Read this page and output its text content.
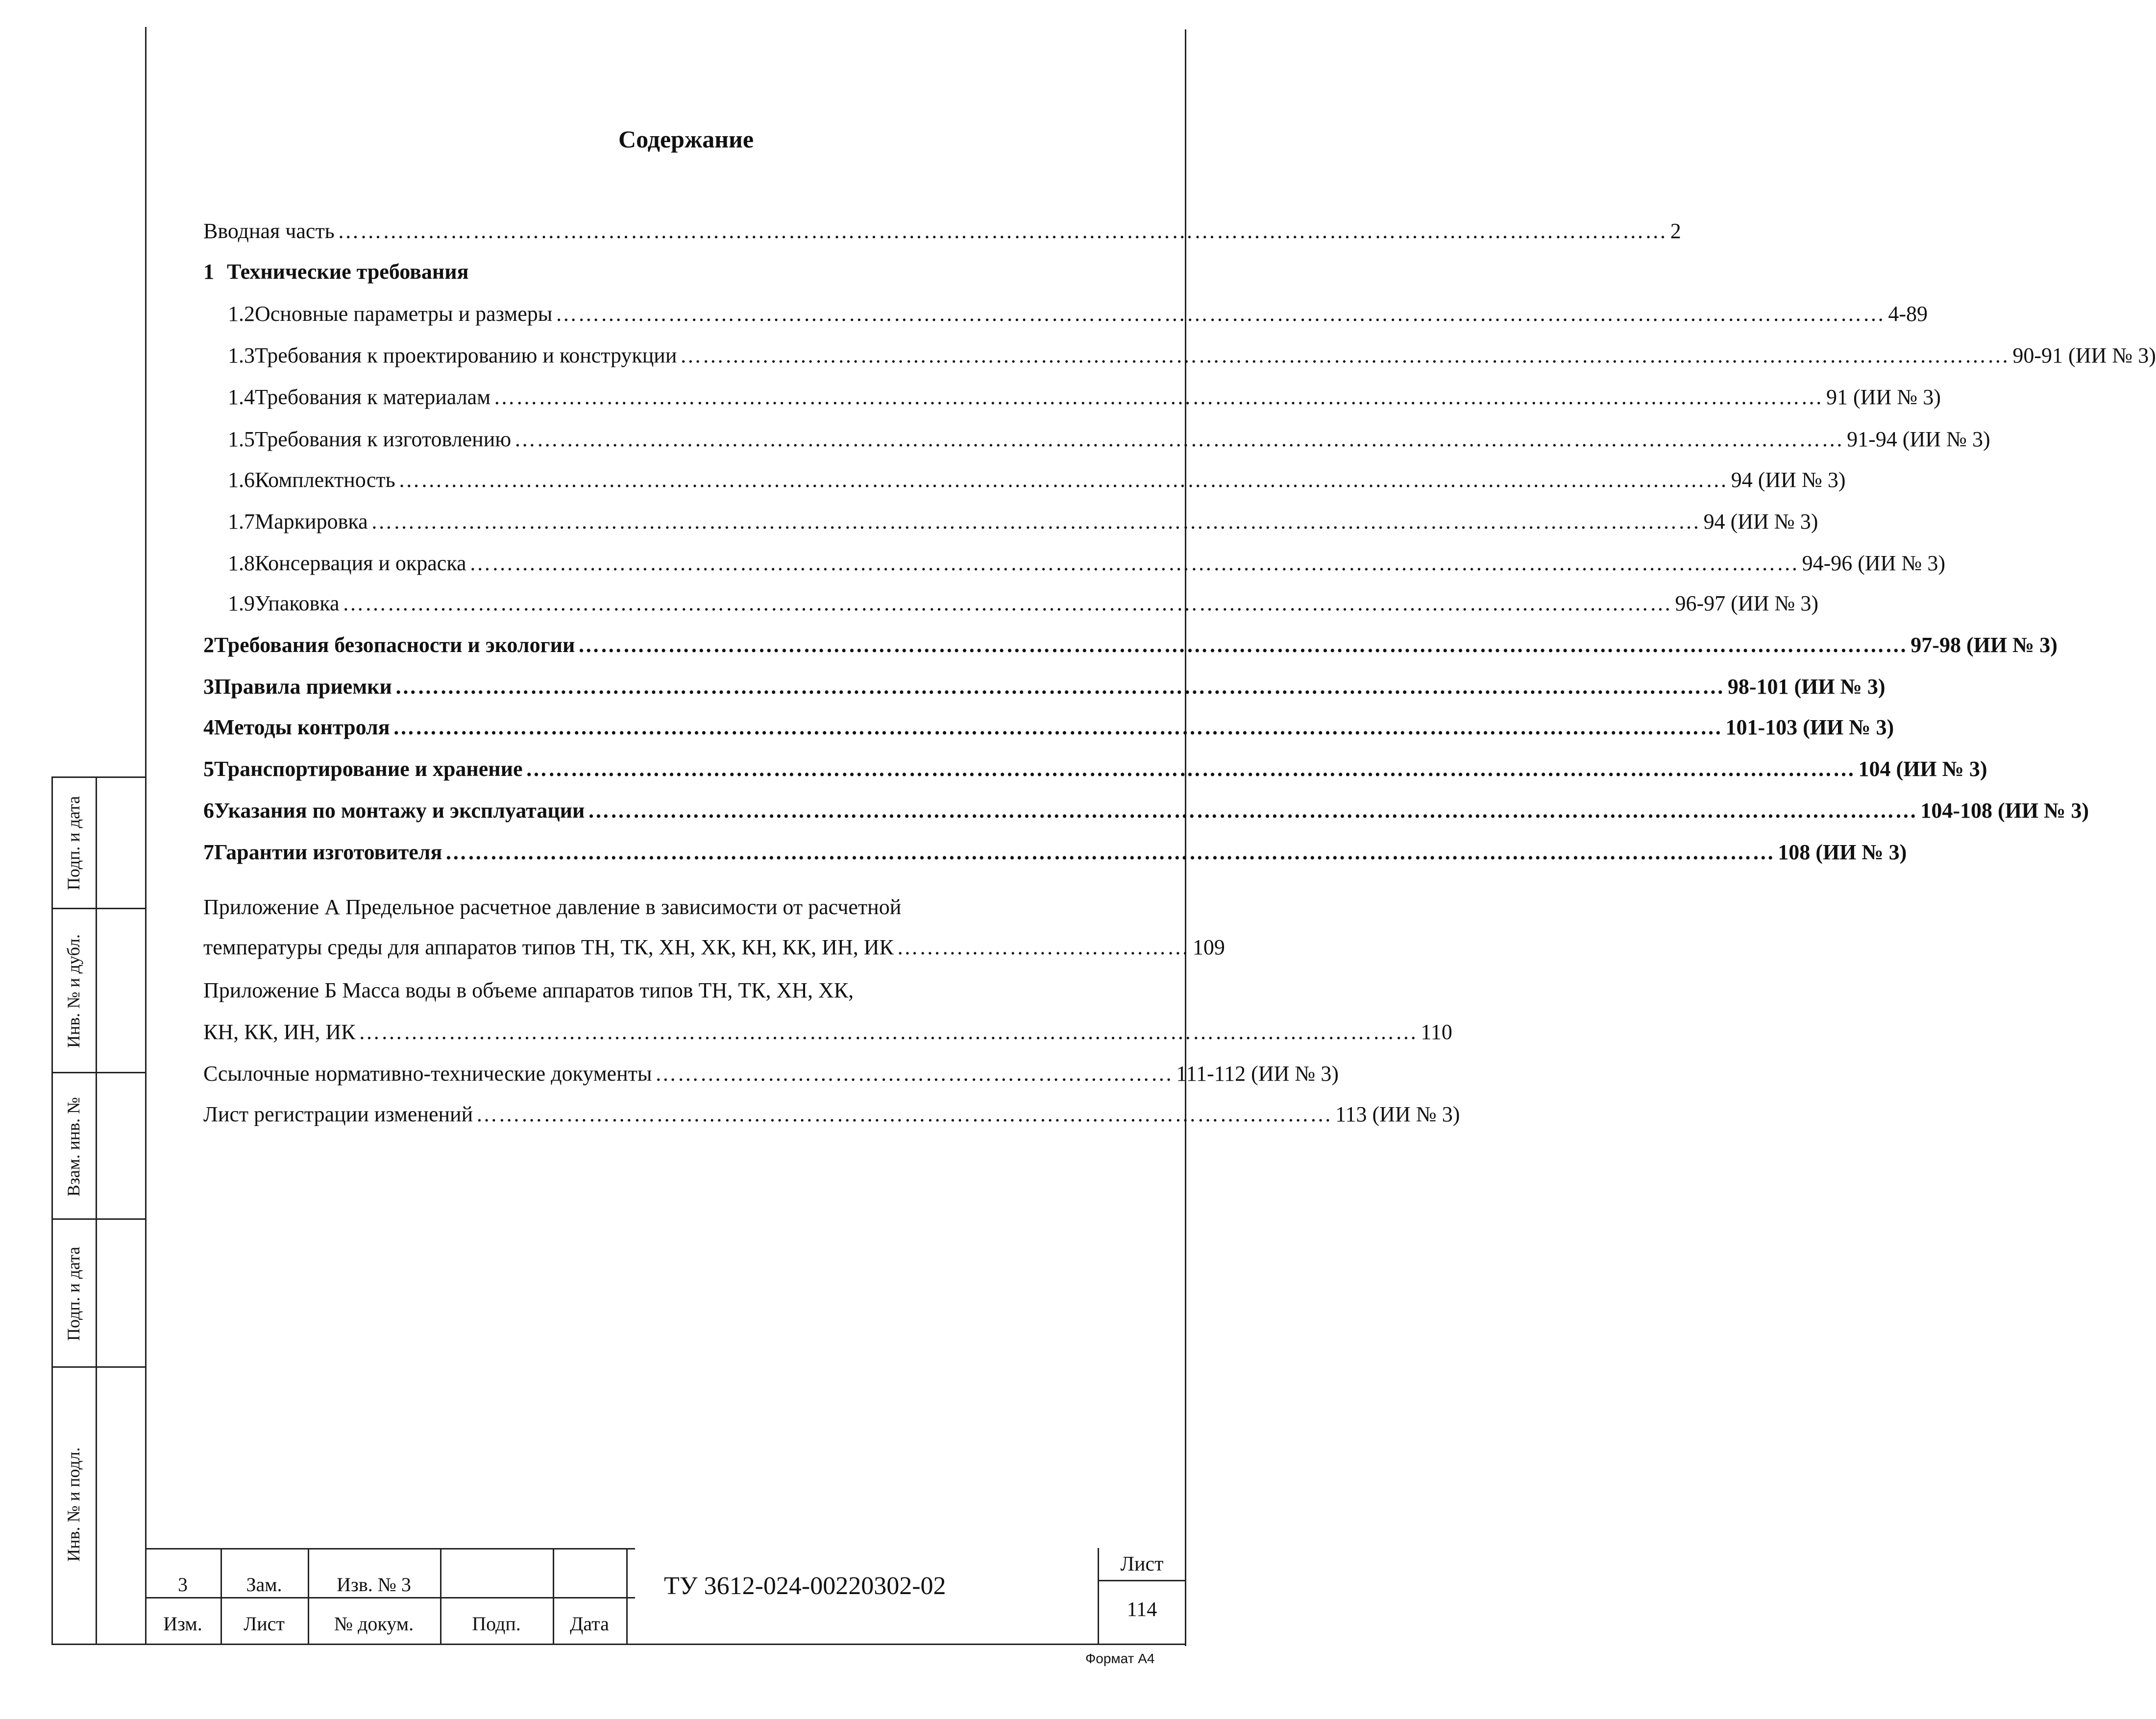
Подп. и дата
Инв. № и дубл.
Взам. инв. №
Подп. и дата
Инв. № и подл.
Содержание
Вводная часть …………………………………………………………………………………………………………………………………………………………… 2
1 Технические требования
1.2 Основные параметры и размеры …………………………………………………………………………………………………………………………………………………………… 4-89
1.3 Требования к проектированию и конструкции …………………………………………………………………………………………………………………………………………………………… 90-91 (ИИ № 3)
1.4 Требования к материалам …………………………………………………………………………………………………………………………………………………………… 91 (ИИ № 3)
1.5 Требования к изготовлению …………………………………………………………………………………………………………………………………………………………… 91-94 (ИИ № 3)
1.6 Комплектность …………………………………………………………………………………………………………………………………………………………… 94 (ИИ № 3)
1.7 Маркировка …………………………………………………………………………………………………………………………………………………………… 94 (ИИ № 3)
1.8 Консервация и окраска …………………………………………………………………………………………………………………………………………………………… 94-96 (ИИ № 3)
1.9 Упаковка …………………………………………………………………………………………………………………………………………………………… 96-97 (ИИ № 3)
2 Требования безопасности и экологии …………………………………………………………………………………………………………………………………………………………… 97-98 (ИИ № 3)
3 Правила приемки …………………………………………………………………………………………………………………………………………………………… 98-101 (ИИ № 3)
4 Методы контроля …………………………………………………………………………………………………………………………………………………………… 101-103 (ИИ № 3)
5 Транспортирование и хранение …………………………………………………………………………………………………………………………………………………………… 104 (ИИ № 3)
6 Указания по монтажу и эксплуатации …………………………………………………………………………………………………………………………………………………………… 104-108 (ИИ № 3)
7 Гарантии изготовителя …………………………………………………………………………………………………………………………………………………………… 108 (ИИ № 3)
Приложение А Предельное расчетное давление в зависимости от расчетной
температуры среды для аппаратов типов ТН, ТК, ХН, ХК, КН, КК, ИН, ИК ………………………………… 109
Приложение Б Масса воды в объеме аппаратов типов ТН, ТК, ХН, ХК,
КН, КК, ИН, ИК …………………………………………………………………………………………………………………………… 110
Ссылочные нормативно-технические документы …………………………………………………………… 111-112 (ИИ № 3)
Лист регистрации изменений …………………………………………………………………………………………………… 113 (ИИ № 3)
3	Зам.	Изв. № 3
Изм.	Лист	№ докум.	Подп.	Дата
ТУ 3612-024-00220302-02
Лист
114
Формат А4
